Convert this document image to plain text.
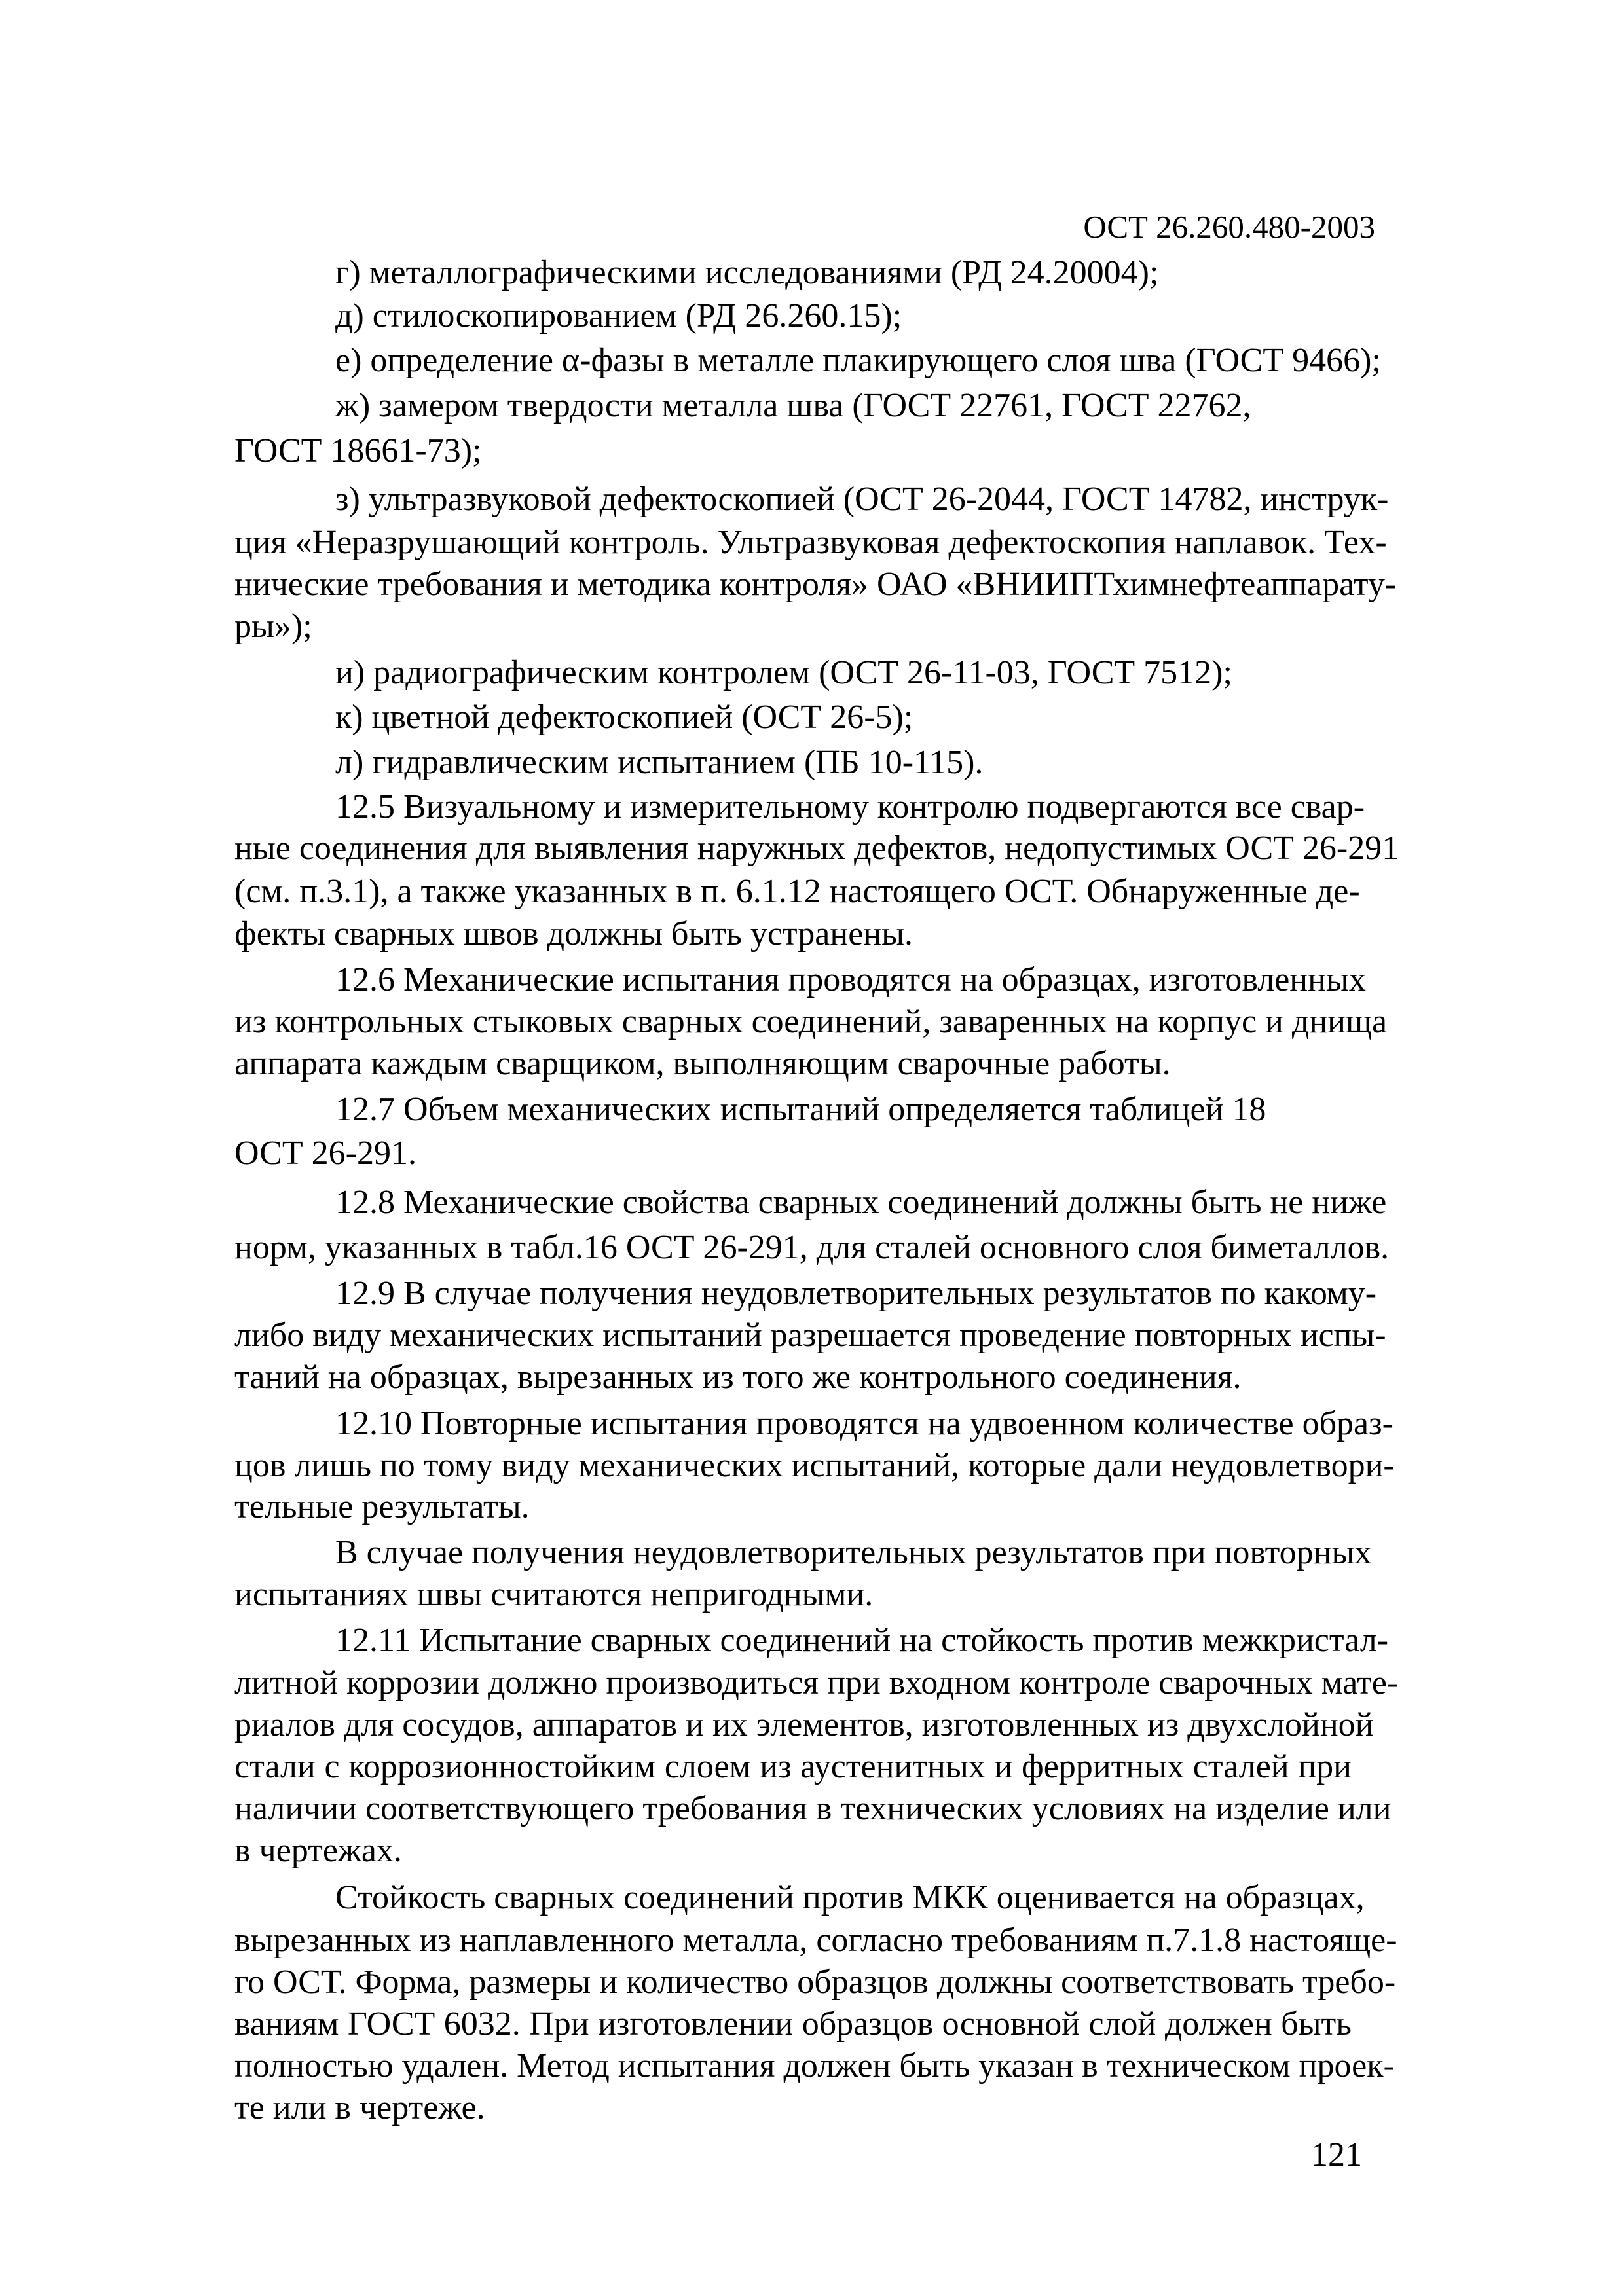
ОСТ 26.260.480-2003
г) металлографическими исследованиями (РД 24.20004);
д) стилоскопированием (РД 26.260.15);
е) определение α-фазы в металле плакирующего слоя шва (ГОСТ 9466);
ж) замером твердости металла шва (ГОСТ 22761, ГОСТ 22762,
ГОСТ 18661-73);
з) ультразвуковой дефектоскопией (ОСТ 26-2044, ГОСТ 14782, инструк-
ция «Неразрушающий контроль. Ультразвуковая дефектоскопия наплавок. Тех-
нические требования и методика контроля» ОАО «ВНИИПТхимнефтеаппарату-
ры»);
и) радиографическим контролем (ОСТ 26-11-03, ГОСТ 7512);
к) цветной дефектоскопией (ОСТ 26-5);
л) гидравлическим испытанием (ПБ 10-115).
12.5 Визуальному и измерительному контролю подвергаются все свар-
ные соединения для выявления наружных дефектов, недопустимых ОСТ 26-291
(см. п.3.1), а также указанных в п. 6.1.12 настоящего ОСТ. Обнаруженные де-
фекты сварных швов должны быть устранены.
12.6 Механические испытания проводятся на образцах, изготовленных
из контрольных стыковых сварных соединений, заваренных на корпус и днища
аппарата каждым сварщиком, выполняющим сварочные работы.
12.7 Объем механических испытаний определяется таблицей 18
ОСТ 26-291.
12.8 Механические свойства сварных соединений должны быть не ниже
норм, указанных в табл.16 ОСТ 26-291, для сталей основного слоя биметаллов.
12.9 В случае получения неудовлетворительных результатов по какому-
либо виду механических испытаний разрешается проведение повторных испы-
таний на образцах, вырезанных из того же контрольного соединения.
12.10 Повторные испытания проводятся на удвоенном количестве образ-
цов лишь по тому виду механических испытаний, которые дали неудовлетвори-
тельные результаты.
В случае получения неудовлетворительных результатов при повторных
испытаниях швы считаются непригодными.
12.11 Испытание сварных соединений на стойкость против межкристал-
литной коррозии должно производиться при входном контроле сварочных мате-
риалов для сосудов, аппаратов и их элементов, изготовленных из двухслойной
стали с коррозионностойким слоем из аустенитных и ферритных сталей при
наличии соответствующего требования в технических условиях на изделие или
в чертежах.
Стойкость сварных соединений против МКК оценивается на образцах,
вырезанных из наплавленного металла, согласно требованиям п.7.1.8 настояще-
го ОСТ. Форма, размеры и количество образцов должны соответствовать требо-
ваниям ГОСТ 6032. При изготовлении образцов основной слой должен быть
полностью удален. Метод испытания должен быть указан в техническом проек-
те или в чертеже.
121
